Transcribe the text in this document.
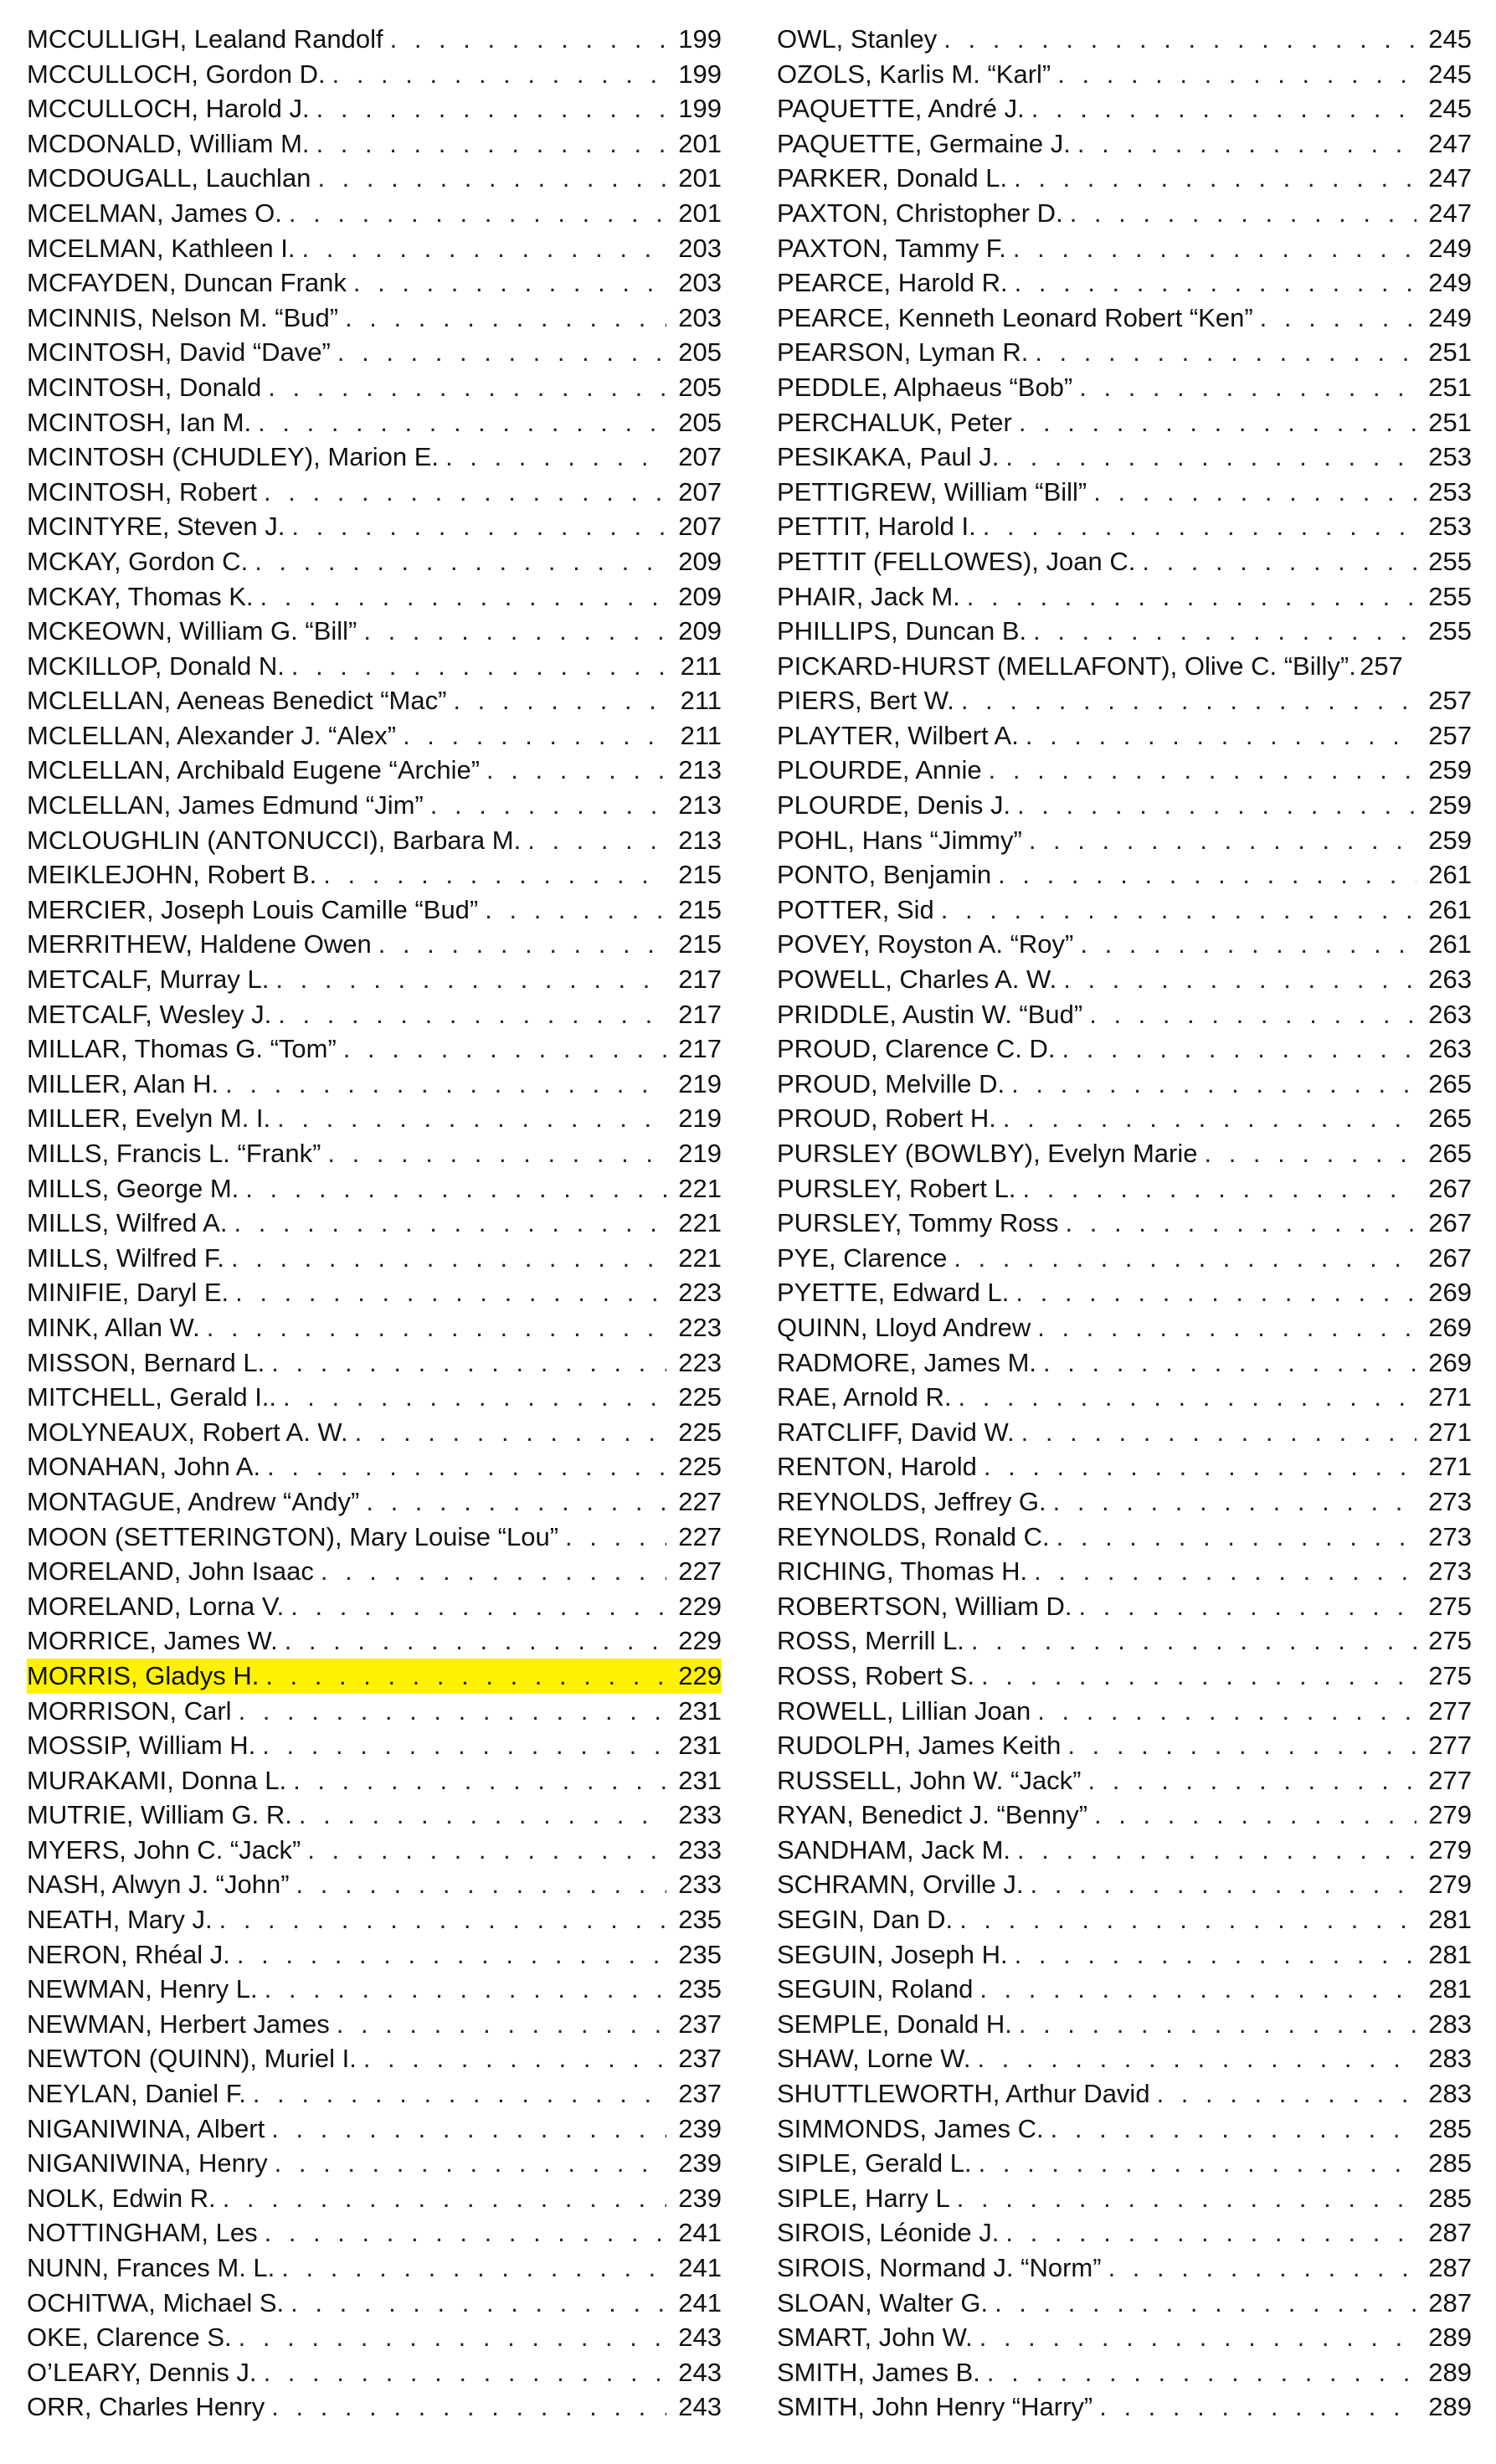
MCCULLIGH, Lealand Randolf . . .	199
MCCULLOCH, Gordon D. . . .	199
MCCULLOCH, Harold J. . . .	199
MCDONALD, William M. . . .	201
MCDOUGALL, Lauchlan . . .	201
MCELMAN, James O. . . .	201
MCELMAN, Kathleen I. . . .	203
MCFAYDEN, Duncan Frank . . .	203
MCINNIS, Nelson M. “Bud” . . .	203
MCINTOSH, David “Dave” . . .	205
MCINTOSH, Donald . . .	205
MCINTOSH, Ian M. . . .	205
MCINTOSH (CHUDLEY), Marion E. . . .	207
MCINTOSH, Robert . . .	207
MCINTYRE, Steven J. . . .	207
MCKAY, Gordon C. . . .	209
MCKAY, Thomas K. . . .	209
MCKEOWN, William G. “Bill” . . .	209
MCKILLOP, Donald N. . . .	211
MCLELLAN, Aeneas Benedict “Mac” . . .	211
MCLELLAN, Alexander J. “Alex” . . .	211
MCLELLAN, Archibald Eugene “Archie” . . .	213
MCLELLAN, James Edmund “Jim” . . .	213
MCLOUGHLIN (ANTONUCCI), Barbara M. . . .	213
MEIKLEJOHN, Robert B. . . .	215
MERCIER, Joseph Louis Camille “Bud” . . .	215
MERRITHEW, Haldene Owen . . .	215
METCALF, Murray L. . . .	217
METCALF, Wesley J. . . .	217
MILLAR, Thomas G. “Tom” . . .	217
MILLER, Alan H. . . .	219
MILLER, Evelyn M. I. . . .	219
MILLS, Francis L. “Frank” . . .	219
MILLS, George M. . . .	221
MILLS, Wilfred A. . . .	221
MILLS, Wilfred F. . . .	221
MINIFIE, Daryl E. . . .	223
MINK, Allan W. . . .	223
MISSON, Bernard L. . . .	223
MITCHELL, Gerald I.. . . .	225
MOLYNEAUX, Robert A. W. . . .	225
MONAHAN, John A. . . .	225
MONTAGUE, Andrew “Andy” . . .	227
MOON (SETTERINGTON), Mary Louise “Lou” . . .	227
MORELAND, John Isaac . . .	227
MORELAND, Lorna V. . . .	229
MORRICE, James W. . . .	229
MORRIS, Gladys H. . . .	229
MORRISON, Carl . . .	231
MOSSIP, William H. . . .	231
MURAKAMI, Donna L. . . .	231
MUTRIE, William G. R. . . .	233
MYERS, John C. “Jack” . . .	233
NASH, Alwyn J. “John” . . .	233
NEATH, Mary J. . . .	235
NERON, Rhéal J. . . .	235
NEWMAN, Henry L. . . .	235
NEWMAN, Herbert James . . .	237
NEWTON (QUINN), Muriel I. . . .	237
NEYLAN, Daniel F. . . .	237
NIGANIWINA, Albert . . .	239
NIGANIWINA, Henry . . .	239
NOLK, Edwin R. . . .	239
NOTTINGHAM, Les . . .	241
NUNN, Frances M. L. . . .	241
OCHITWA, Michael S. . . .	241
OKE, Clarence S. . . .	243
O’LEARY, Dennis J. . . .	243
ORR, Charles Henry . . .	243
OWL, Stanley . . .	245
OZOLS, Karlis M. “Karl” . . .	245
PAQUETTE, André J. . . .	245
PAQUETTE, Germaine J. . . .	247
PARKER, Donald L. . . .	247
PAXTON, Christopher D. . . .	247
PAXTON, Tammy F. . . .	249
PEARCE, Harold R. . . .	249
PEARCE, Kenneth Leonard Robert “Ken” . . .	249
PEARSON, Lyman R. . . .	251
PEDDLE, Alphaeus “Bob” . . .	251
PERCHALUK, Peter . . .	251
PESIKAKA, Paul J. . . .	253
PETTIGREW, William “Bill” . . .	253
PETTIT, Harold I. . . .	253
PETTIT (FELLOWES), Joan C. . . .	255
PHAIR, Jack M. . . .	255
PHILLIPS, Duncan B. . . .	255
PICKARD-HURST (MELLAFONT), Olive C. “Billy”. 257
PIERS, Bert W. . . .	257
PLAYTER, Wilbert A. . . .	257
PLOURDE, Annie . . .	259
PLOURDE, Denis J. . . .	259
POHL, Hans “Jimmy” . . .	259
PONTO, Benjamin . . .	261
POTTER, Sid . . .	261
POVEY, Royston A. “Roy” . . .	261
POWELL, Charles A. W. . . .	263
PRIDDLE, Austin W. “Bud” . . .	263
PROUD, Clarence C. D. . . .	263
PROUD, Melville D. . . .	265
PROUD, Robert H. . . .	265
PURSLEY (BOWLBY), Evelyn Marie . . .	265
PURSLEY, Robert L. . . .	267
PURSLEY, Tommy Ross . . .	267
PYE, Clarence . . .	267
PYETTE, Edward L. . . .	269
QUINN, Lloyd Andrew . . .	269
RADMORE, James M. . . .	269
RAE, Arnold R. . . .	271
RATCLIFF, David W. . . .	271
RENTON, Harold . . .	271
REYNOLDS, Jeffrey G. . . .	273
REYNOLDS, Ronald C. . . .	273
RICHING, Thomas H. . . .	273
ROBERTSON, William D. . . .	275
ROSS, Merrill L. . . .	275
ROSS, Robert S. . . .	275
ROWELL, Lillian Joan . . .	277
RUDOLPH, James Keith . . .	277
RUSSELL, John W. “Jack” . . .	277
RYAN, Benedict J. “Benny” . . .	279
SANDHAM, Jack M. . . .	279
SCHRAMN, Orville J. . . .	279
SEGIN, Dan D. . . .	281
SEGUIN, Joseph H. . . .	281
SEGUIN, Roland . . .	281
SEMPLE, Donald H. . . .	283
SHAW, Lorne W. . . .	283
SHUTTLEWORTH, Arthur David . . .	283
SIMMONDS, James C. . . .	285
SIPLE, Gerald L. . . .	285
SIPLE, Harry L . . .	285
SIROIS, Léonide J. . . .	287
SIROIS, Normand J. “Norm” . . .	287
SLOAN, Walter G. . . .	287
SMART, John W. . . .	289
SMITH, James B. . . .	289
SMITH, John Henry “Harry” . . .	289
